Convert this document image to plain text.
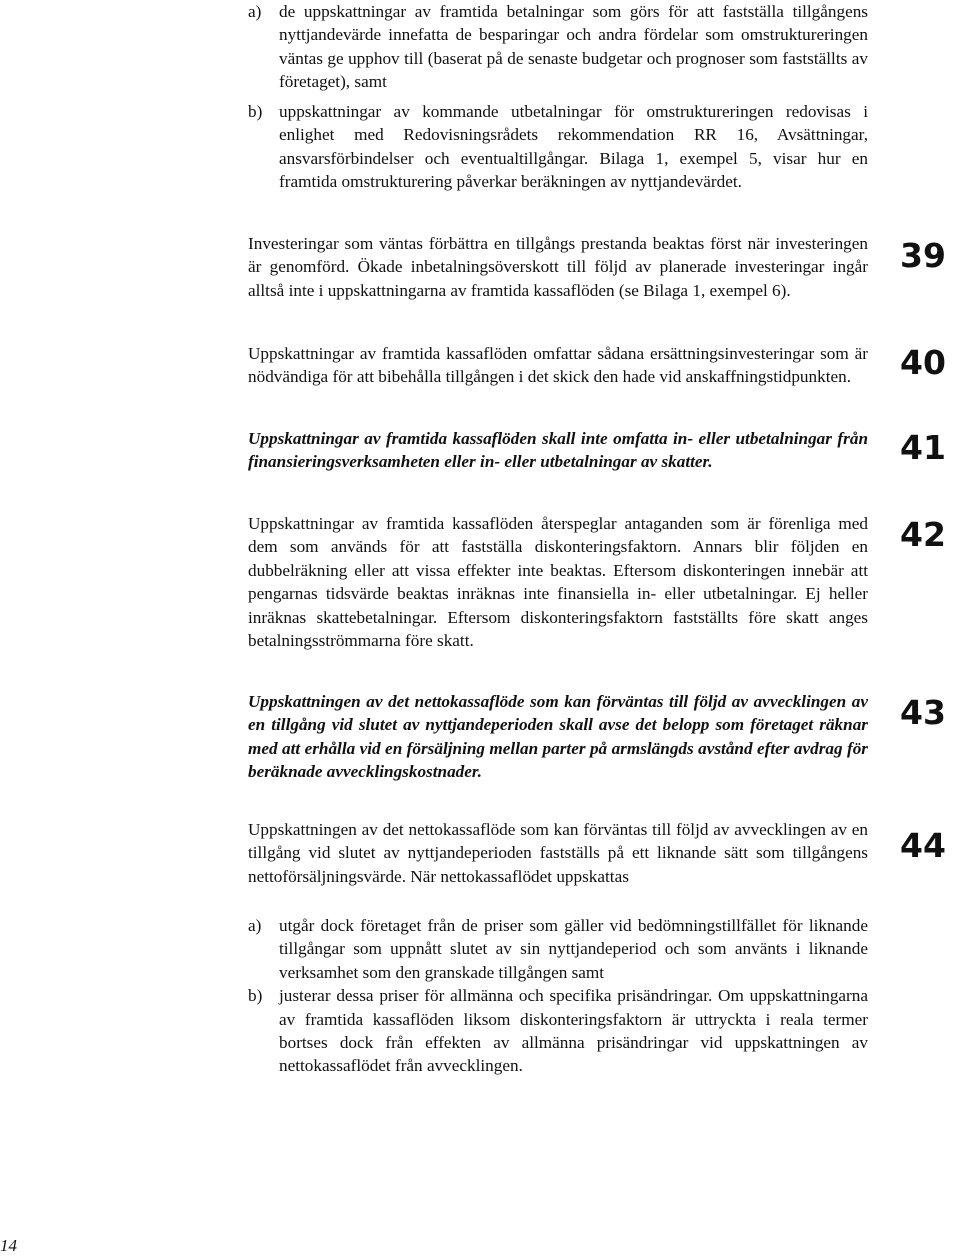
a) de uppskattningar av framtida betalningar som görs för att fastställa tillgångens nyttjandevärde innefatta de besparingar och andra fördelar som omstruktureringen väntas ge upphov till (baserat på de senaste budgetar och prognoser som fastställts av företaget), samt
b) uppskattningar av kommande utbetalningar för omstruktureringen redovisas i enlighet med Redovisningsrådets rekommendation RR 16, Avsättningar, ansvarsförbindelser och eventualtillgångar. Bilaga 1, exempel 5, visar hur en framtida omstrukturering påverkar beräkningen av nyttjandevärdet.

Investeringar som väntas förbättra en tillgångs prestanda beaktas först när investeringen är genomförd. Ökade inbetalningsöverskott till följd av planerade investeringar ingår alltså inte i uppskattningarna av framtida kassaflöden (se Bilaga 1, exempel 6).

39

Uppskattningar av framtida kassaflöden omfattar sådana ersättningsinvesteringar som är nödvändiga för att bibehålla tillgången i det skick den hade vid anskaffningstidpunkten.	40

Uppskattningar av framtida kassaflöden skall inte omfatta in- eller utbetalningar från finansieringsverksamheten eller in- eller utbetalningar av skatter.	41

Uppskattningar av framtida kassaflöden återspeglar antaganden som är förenliga med dem som används för att fastställa diskonteringsfaktorn. Annars blir följden en dubbelräkning eller att vissa effekter inte beaktas. Eftersom diskonteringen innebär att pengarnas tidsvärde beaktas inräknas inte finansiella in- eller utbetalningar. Ej heller inräknas skattebetalningar. Eftersom diskonteringsfaktorn fastställts före skatt anges betalningsströmmarna före skatt.

42

Uppskattningen av det nettokassaflöde som kan förväntas till följd av avvecklingen av en tillgång vid slutet av nyttjandeperioden skall avse det belopp som företaget räknar med att erhålla vid en försäljning mellan parter på armslängds avstånd efter avdrag för beräknade avvecklingskostnader.

43

Uppskattningen av det nettokassaflöde som kan förväntas till följd av avvecklingen av en tillgång vid slutet av nyttjandeperioden fastställs på ett liknande sätt som tillgångens nettoförsäljningsvärde. När nettokassaflödet uppskattas

44
a) utgår dock företaget från de priser som gäller vid bedömningstillfället för liknande tillgångar som uppnått slutet av sin nyttjandeperiod och som använts i liknande verksamhet som den granskade tillgången samt
b) justerar dessa priser för allmänna och specifika prisändringar. Om uppskattningarna av framtida kassaflöden liksom diskonteringsfaktorn är uttryckta i reala termer bortses dock från effekten av allmänna prisändringar vid uppskattningen av nettokassaflödet från avvecklingen.
14
